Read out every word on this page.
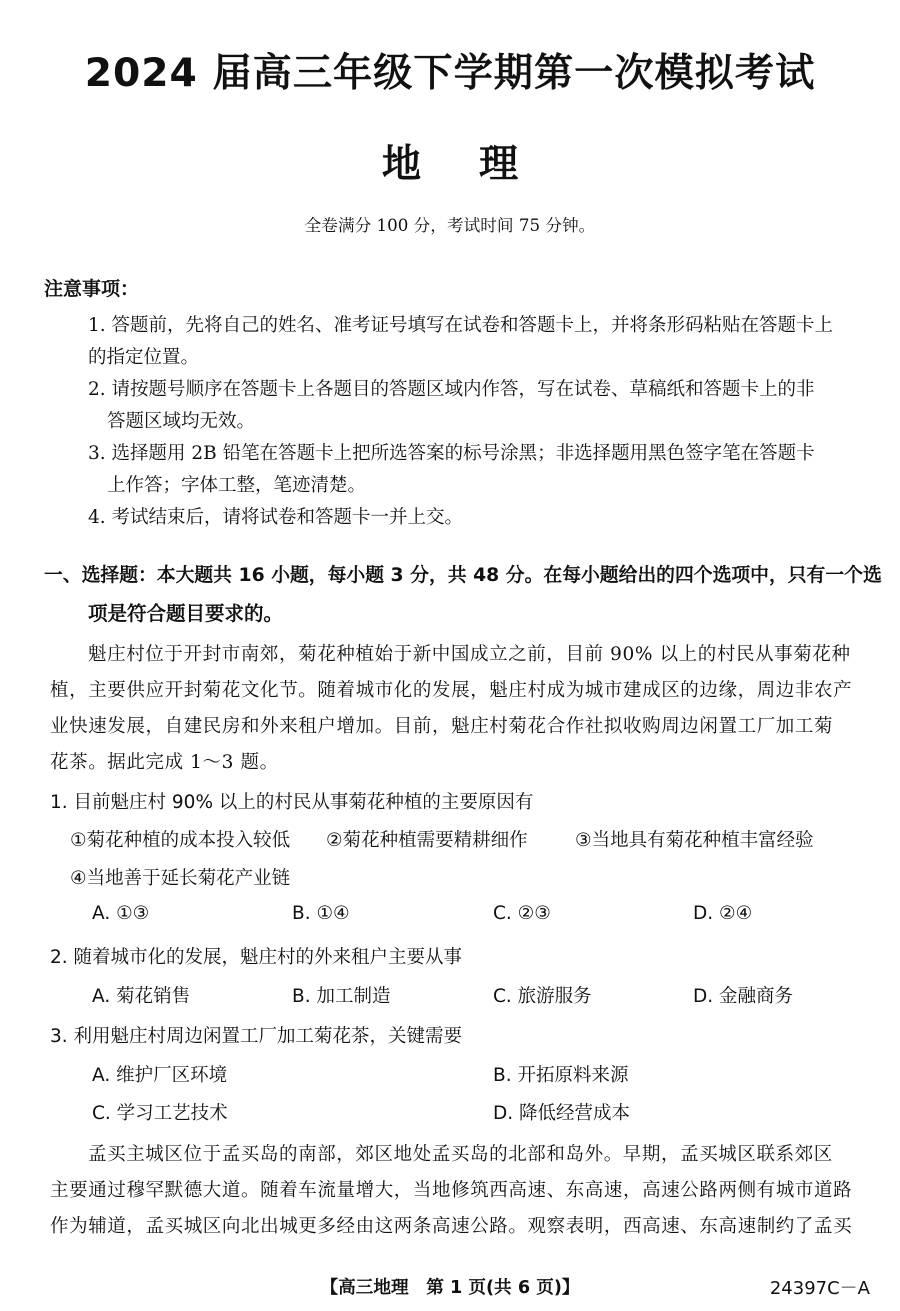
2024 届高三年级下学期第一次模拟考试
地理
全卷满分 100 分，考试时间 75 分钟。
注意事项：
1. 答题前，先将自己的姓名、准考证号填写在试卷和答题卡上，并将条形码粘贴在答题卡上
的指定位置。
2. 请按题号顺序在答题卡上各题目的答题区域内作答，写在试卷、草稿纸和答题卡上的非
答题区域均无效。
3. 选择题用 2B 铅笔在答题卡上把所选答案的标号涂黑；非选择题用黑色签字笔在答题卡
上作答；字体工整，笔迹清楚。
4. 考试结束后，请将试卷和答题卡一并上交。
一、选择题：本大题共 16 小题，每小题 3 分，共 48 分。在每小题给出的四个选项中，只有一个选
项是符合题目要求的。
魁庄村位于开封市南郊，菊花种植始于新中国成立之前，目前 90% 以上的村民从事菊花种
植，主要供应开封菊花文化节。随着城市化的发展，魁庄村成为城市建成区的边缘，周边非农产
业快速发展，自建民房和外来租户增加。目前，魁庄村菊花合作社拟收购周边闲置工厂加工菊
花茶。据此完成 1～3 题。
1. 目前魁庄村 90% 以上的村民从事菊花种植的主要原因有
①菊花种植的成本投入较低 ②菊花种植需要精耕细作	③当地具有菊花种植丰富经验
④当地善于延长菊花产业链
A. ①③	B. ①④	C. ②③	D. ②④
2. 随着城市化的发展，魁庄村的外来租户主要从事
A. 菊花销售	B. 加工制造	C. 旅游服务	D. 金融商务
3. 利用魁庄村周边闲置工厂加工菊花茶，关键需要
A. 维护厂区环境	B. 开拓原料来源
C. 学习工艺技术	D. 降低经营成本
孟买主城区位于孟买岛的南部，郊区地处孟买岛的北部和岛外。早期，孟买城区联系郊区
主要通过穆罕默德大道。随着车流量增大，当地修筑西高速、东高速，高速公路两侧有城市道路
作为辅道，孟买城区向北出城更多经由这两条高速公路。观察表明，西高速、东高速制约了孟买
【高三地理　第 1 页(共 6 页)】	24397C－A
